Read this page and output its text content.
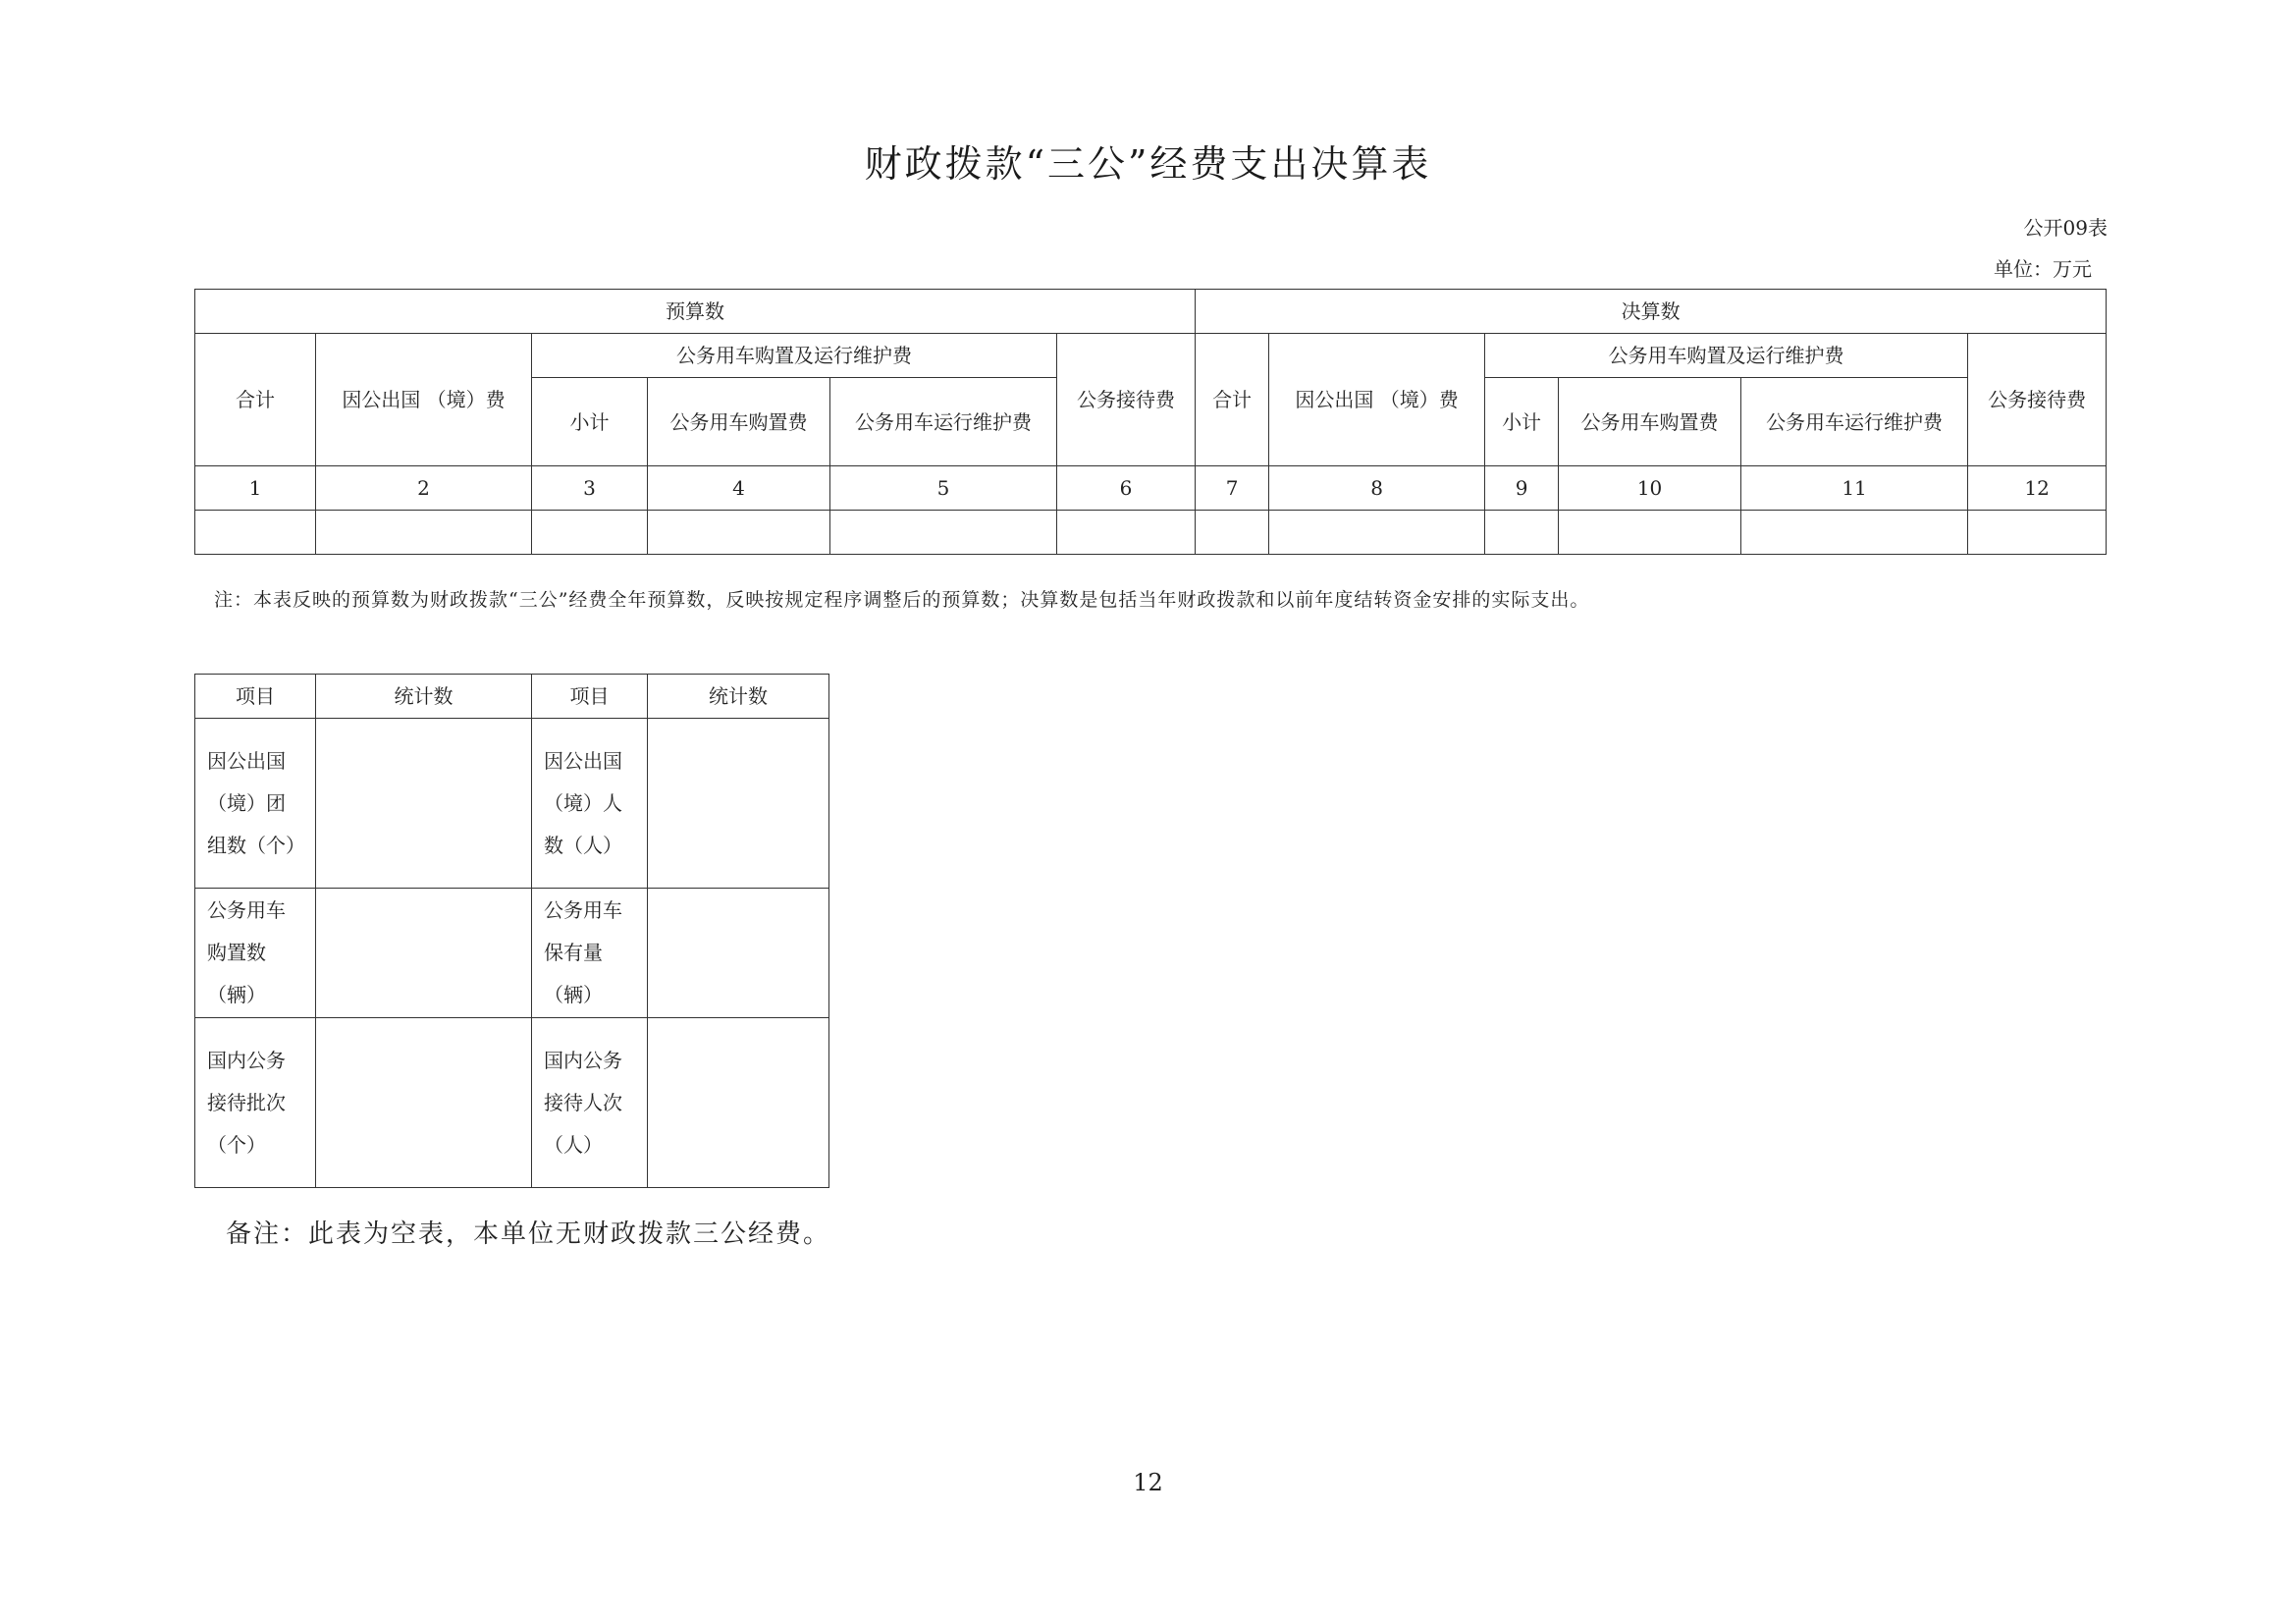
财政拨款“三公”经费支出决算表
公开09表
单位：万元
预算数						决算数					
合计	因公出国 （境）费	公务用车购置及运行维护费			公务接待费	合计	因公出国 （境）费	公务用车购置及运行维护费			公务接待费
		小计	公务用车购置费	公务用车运行维护费				小计	公务用车购置费	公务用车运行维护费	
1	2	3	4	5	6	7	8	9	10	11	12

注：本表反映的预算数为财政拨款“三公”经费全年预算数，反映按规定程序调整后的预算数；决算数是包括当年财政拨款和以前年度结转资金安排的实际支出。
项目	统计数	项目	统计数
因公出国（境）团组数（个）		因公出国（境）人数（人）	
公务用车购置数（辆）		公务用车保有量（辆）	
国内公务接待批次（个）		国内公务接待人次（人）	
备注：此表为空表，本单位无财政拨款三公经费。
12
